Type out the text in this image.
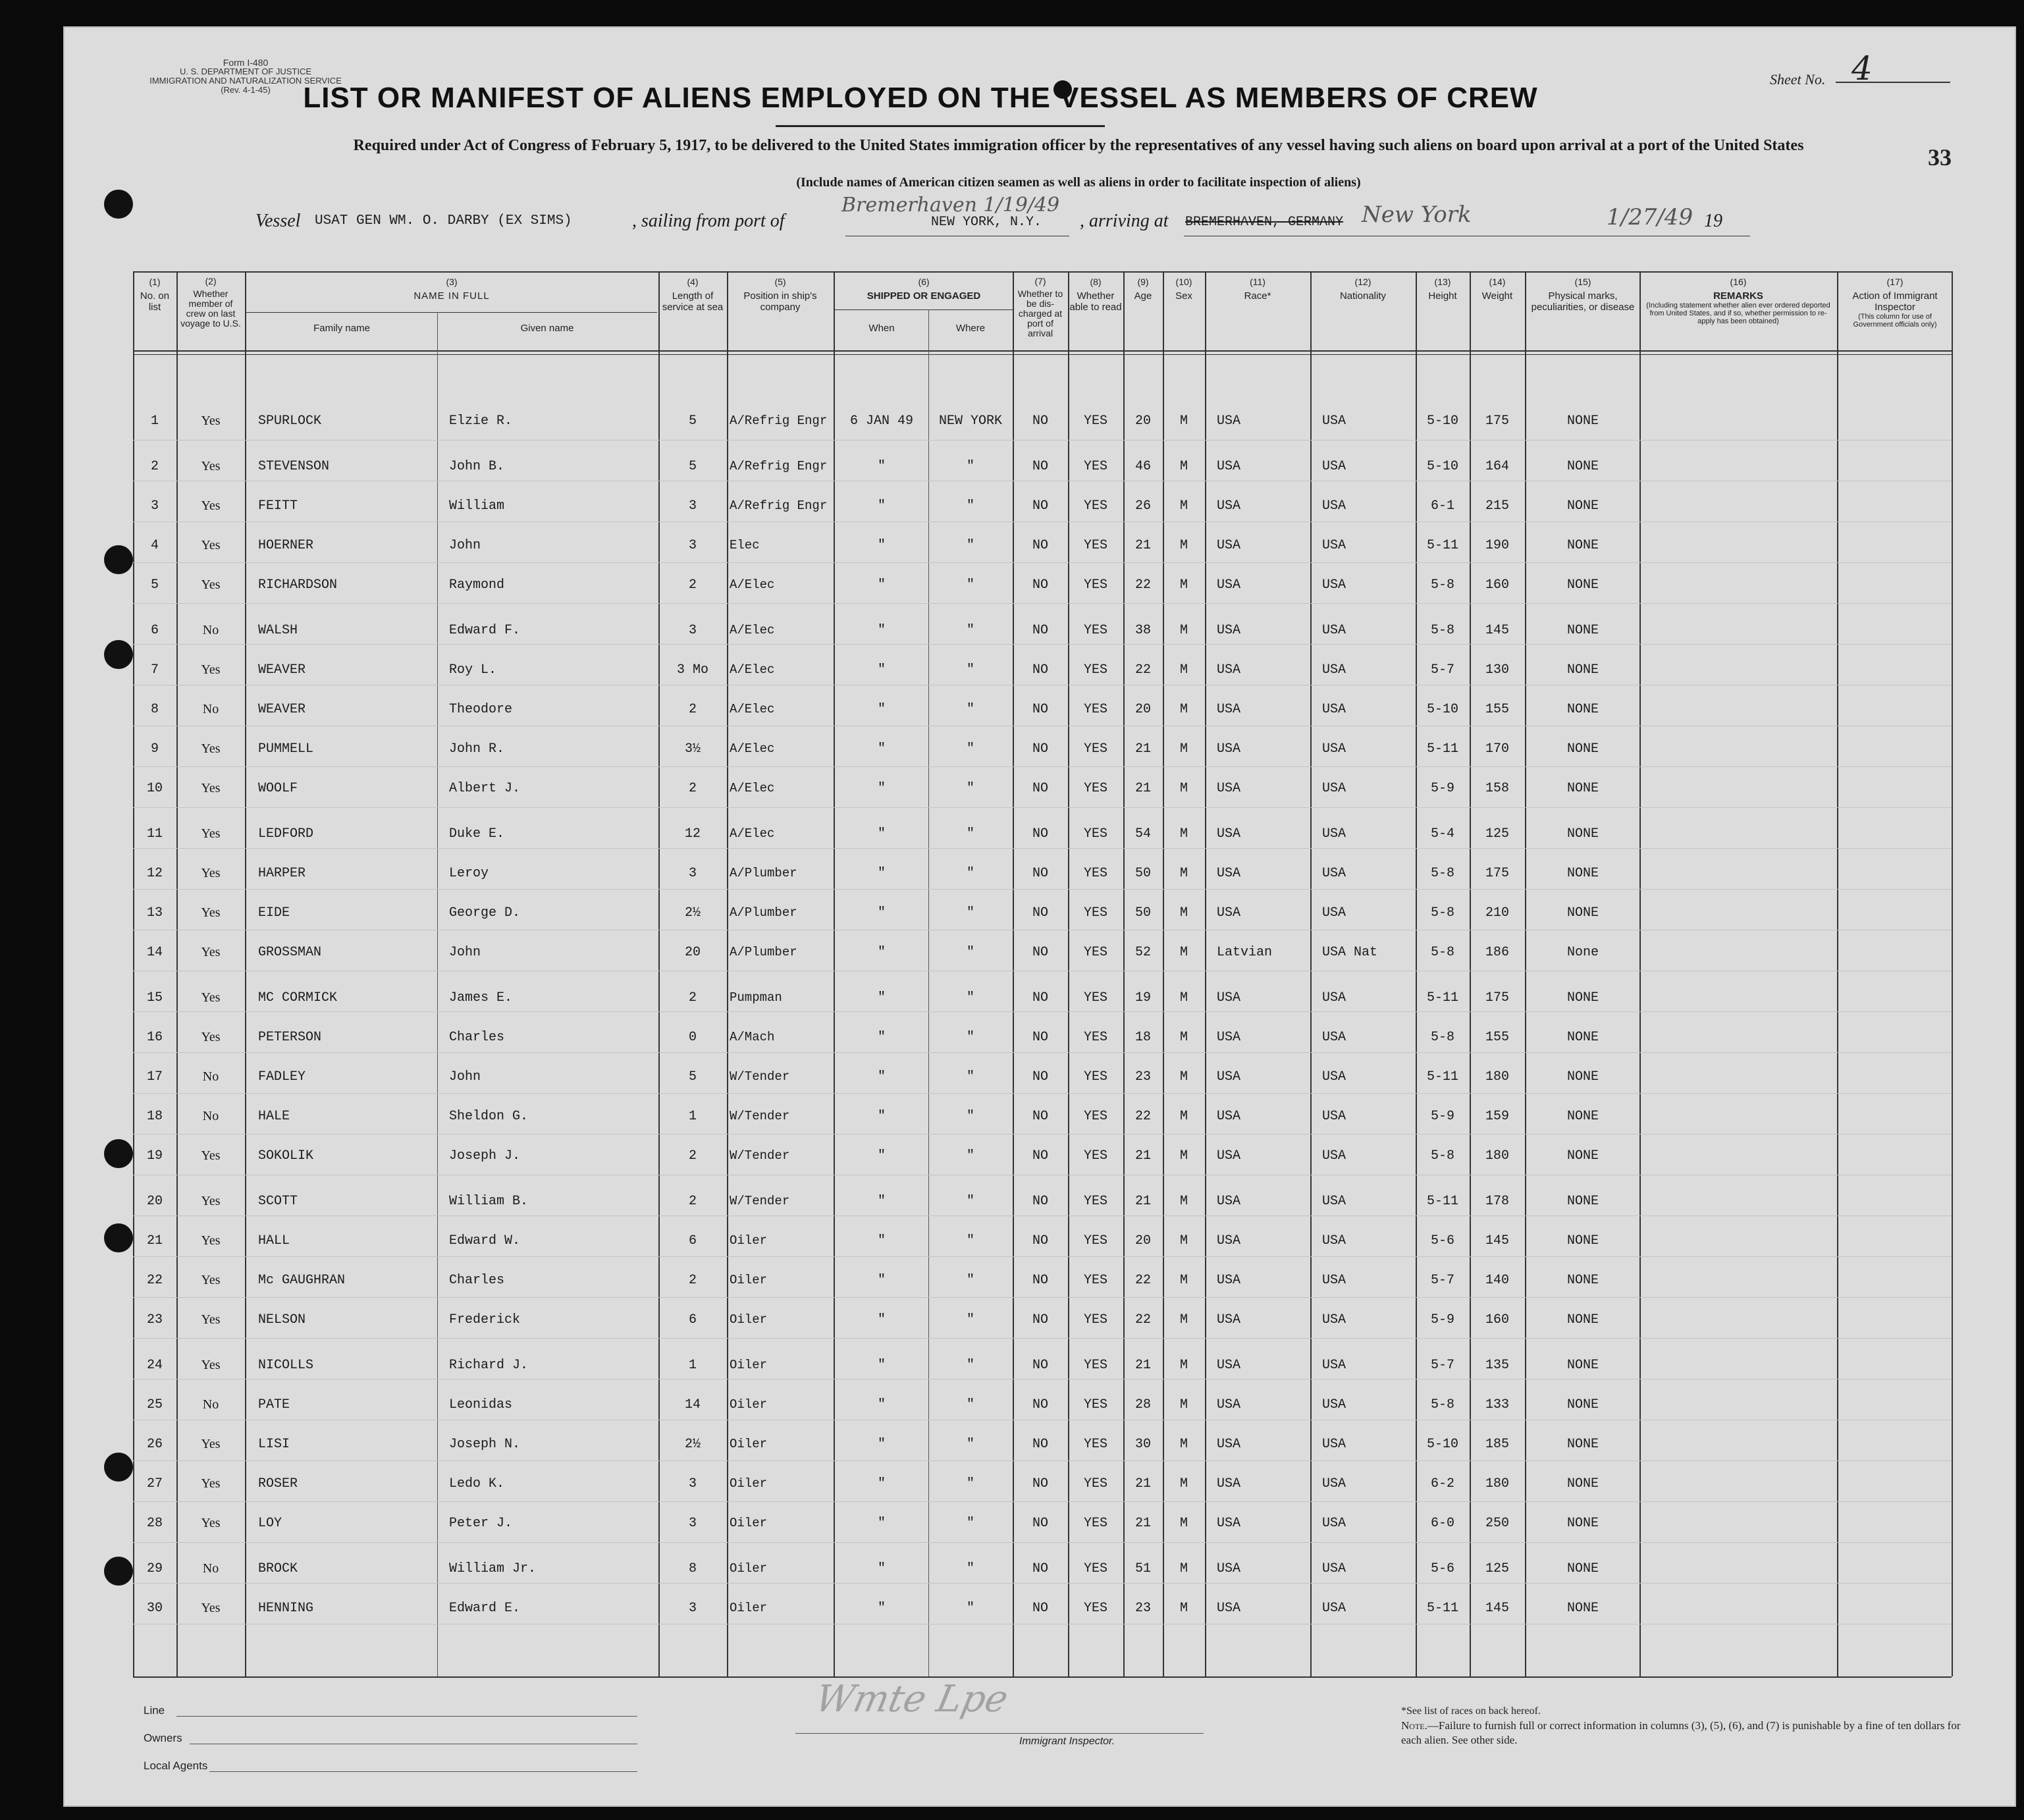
Form I-480
U. S. DEPARTMENT OF JUSTICE
IMMIGRATION AND NATURALIZATION SERVICE
(Rev. 4-1-45)	LIST OR MANIFEST OF ALIENS EMPLOYED ON THE VESSEL AS MEMBERS OF CREW
Sheet No. 4
Required under Act of Congress of February 5, 1917, to be delivered to the United States immigration officer by the representatives of any vessel having such aliens on board upon arrival at a port of the United States
(Include names of American citizen seamen as well as aliens in order to facilitate inspection of aliens)
33
Vessel USAT GEN WM. O. DARBY (EX SIMS)	, sailing from port of
Bremerhaven 1/19/49
NEW YORK, N.Y. , arriving at BREMERHAVEN, GERMANY New York	1/27/49 19
(1)
No. on list
(2)
Whether member of crew on last voyage to U.S.
(3)
NAME IN FULL
Family name	Given name
(4)
Length of service at sea
(5)
Position in ship's company
(6)
SHIPPED OR ENGAGED
When	Where
(7)
Whether to be dis-charged at port of arrival
(8)
Whether able to read
(9)
Age
(10)
Sex
(11)
Race*
(12)
Nationality
(13)
Height
(14)
Weight
(15)
Physical marks, peculiarities, or disease
(16)
REMARKS
(Including statement whether alien ever ordered deported from United States, and if so, whether permission to re-apply has been obtained)
(17)
Action of Immigrant Inspector
(This column for use of Government officials only)
1	Yes	SPURLOCK	Elzie R.	5	A/Refrig Engr	6 JAN 49	NEW YORK	NO	YES	20	M	USA	USA	5-10	175	NONE
2	Yes	STEVENSON	John B.	5	A/Refrig Engr	"	"	NO	YES	46	M	USA	USA	5-10	164	NONE
3	Yes	FEITT	William	3	A/Refrig Engr	"	"	NO	YES	26	M	USA	USA	6-1	215	NONE
4	Yes	HOERNER	John	3	Elec	"	"	NO	YES	21	M	USA	USA	5-11	190	NONE
5	Yes	RICHARDSON	Raymond	2	A/Elec	"	"	NO	YES	22	M	USA	USA	5-8	160	NONE
6	No	WALSH	Edward F.	3	A/Elec	"	"	NO	YES	38	M	USA	USA	5-8	145	NONE
7	Yes	WEAVER	Roy L.	3 Mo	A/Elec	"	"	NO	YES	22	M	USA	USA	5-7	130	NONE
8	No	WEAVER	Theodore	2	A/Elec	"	"	NO	YES	20	M	USA	USA	5-10	155	NONE
9	Yes	PUMMELL	John R.	3½	A/Elec	"	"	NO	YES	21	M	USA	USA	5-11	170	NONE
10	Yes	WOOLF	Albert J.	2	A/Elec	"	"	NO	YES	21	M	USA	USA	5-9	158	NONE
11	Yes	LEDFORD	Duke E.	12	A/Elec	"	"	NO	YES	54	M	USA	USA	5-4	125	NONE
12	Yes	HARPER	Leroy	3	A/Plumber	"	"	NO	YES	50	M	USA	USA	5-8	175	NONE
13	Yes	EIDE	George D.	2½	A/Plumber	"	"	NO	YES	50	M	USA	USA	5-8	210	NONE
14	Yes	GROSSMAN	John	20	A/Plumber	"	"	NO	YES	52	M	Latvian	USA Nat	5-8	186	None
15	Yes	MC CORMICK	James E.	2	Pumpman	"	"	NO	YES	19	M	USA	USA	5-11	175	NONE
16	Yes	PETERSON	Charles	0	A/Mach	"	"	NO	YES	18	M	USA	USA	5-8	155	NONE
17	No	FADLEY	John	5	W/Tender	"	"	NO	YES	23	M	USA	USA	5-11	180	NONE
18	No	HALE	Sheldon G.	1	W/Tender	"	"	NO	YES	22	M	USA	USA	5-9	159	NONE
19	Yes	SOKOLIK	Joseph J.	2	W/Tender	"	"	NO	YES	21	M	USA	USA	5-8	180	NONE
20	Yes	SCOTT	William B.	2	W/Tender	"	"	NO	YES	21	M	USA	USA	5-11	178	NONE
21	Yes	HALL	Edward W.	6	Oiler	"	"	NO	YES	20	M	USA	USA	5-6	145	NONE
22	Yes	Mc GAUGHRAN	Charles	2	Oiler	"	"	NO	YES	22	M	USA	USA	5-7	140	NONE
23	Yes	NELSON	Frederick	6	Oiler	"	"	NO	YES	22	M	USA	USA	5-9	160	NONE
24	Yes	NICOLLS	Richard J.	1	Oiler	"	"	NO	YES	21	M	USA	USA	5-7	135	NONE
25	No	PATE	Leonidas	14	Oiler	"	"	NO	YES	28	M	USA	USA	5-8	133	NONE
26	Yes	LISI	Joseph N.	2½	Oiler	"	"	NO	YES	30	M	USA	USA	5-10	185	NONE
27	Yes	ROSER	Ledo K.	3	Oiler	"	"	NO	YES	21	M	USA	USA	6-2	180	NONE
28	Yes	LOY	Peter J.	3	Oiler	"	"	NO	YES	21	M	USA	USA	6-0	250	NONE
29	No	BROCK	William Jr.	8	Oiler	"	"	NO	YES	51	M	USA	USA	5-6	125	NONE
30	Yes	HENNING	Edward E.	3	Oiler	"	"	NO	YES	23	M	USA	USA	5-11	145	NONE
Line
Owners
Local Agents
Wmte Lpe
Immigrant Inspector.
*See list of races on back hereof.
Note.—Failure to furnish full or correct information in columns (3), (5), (6), and (7) is punishable by a fine of ten dollars for each alien. See other side.
